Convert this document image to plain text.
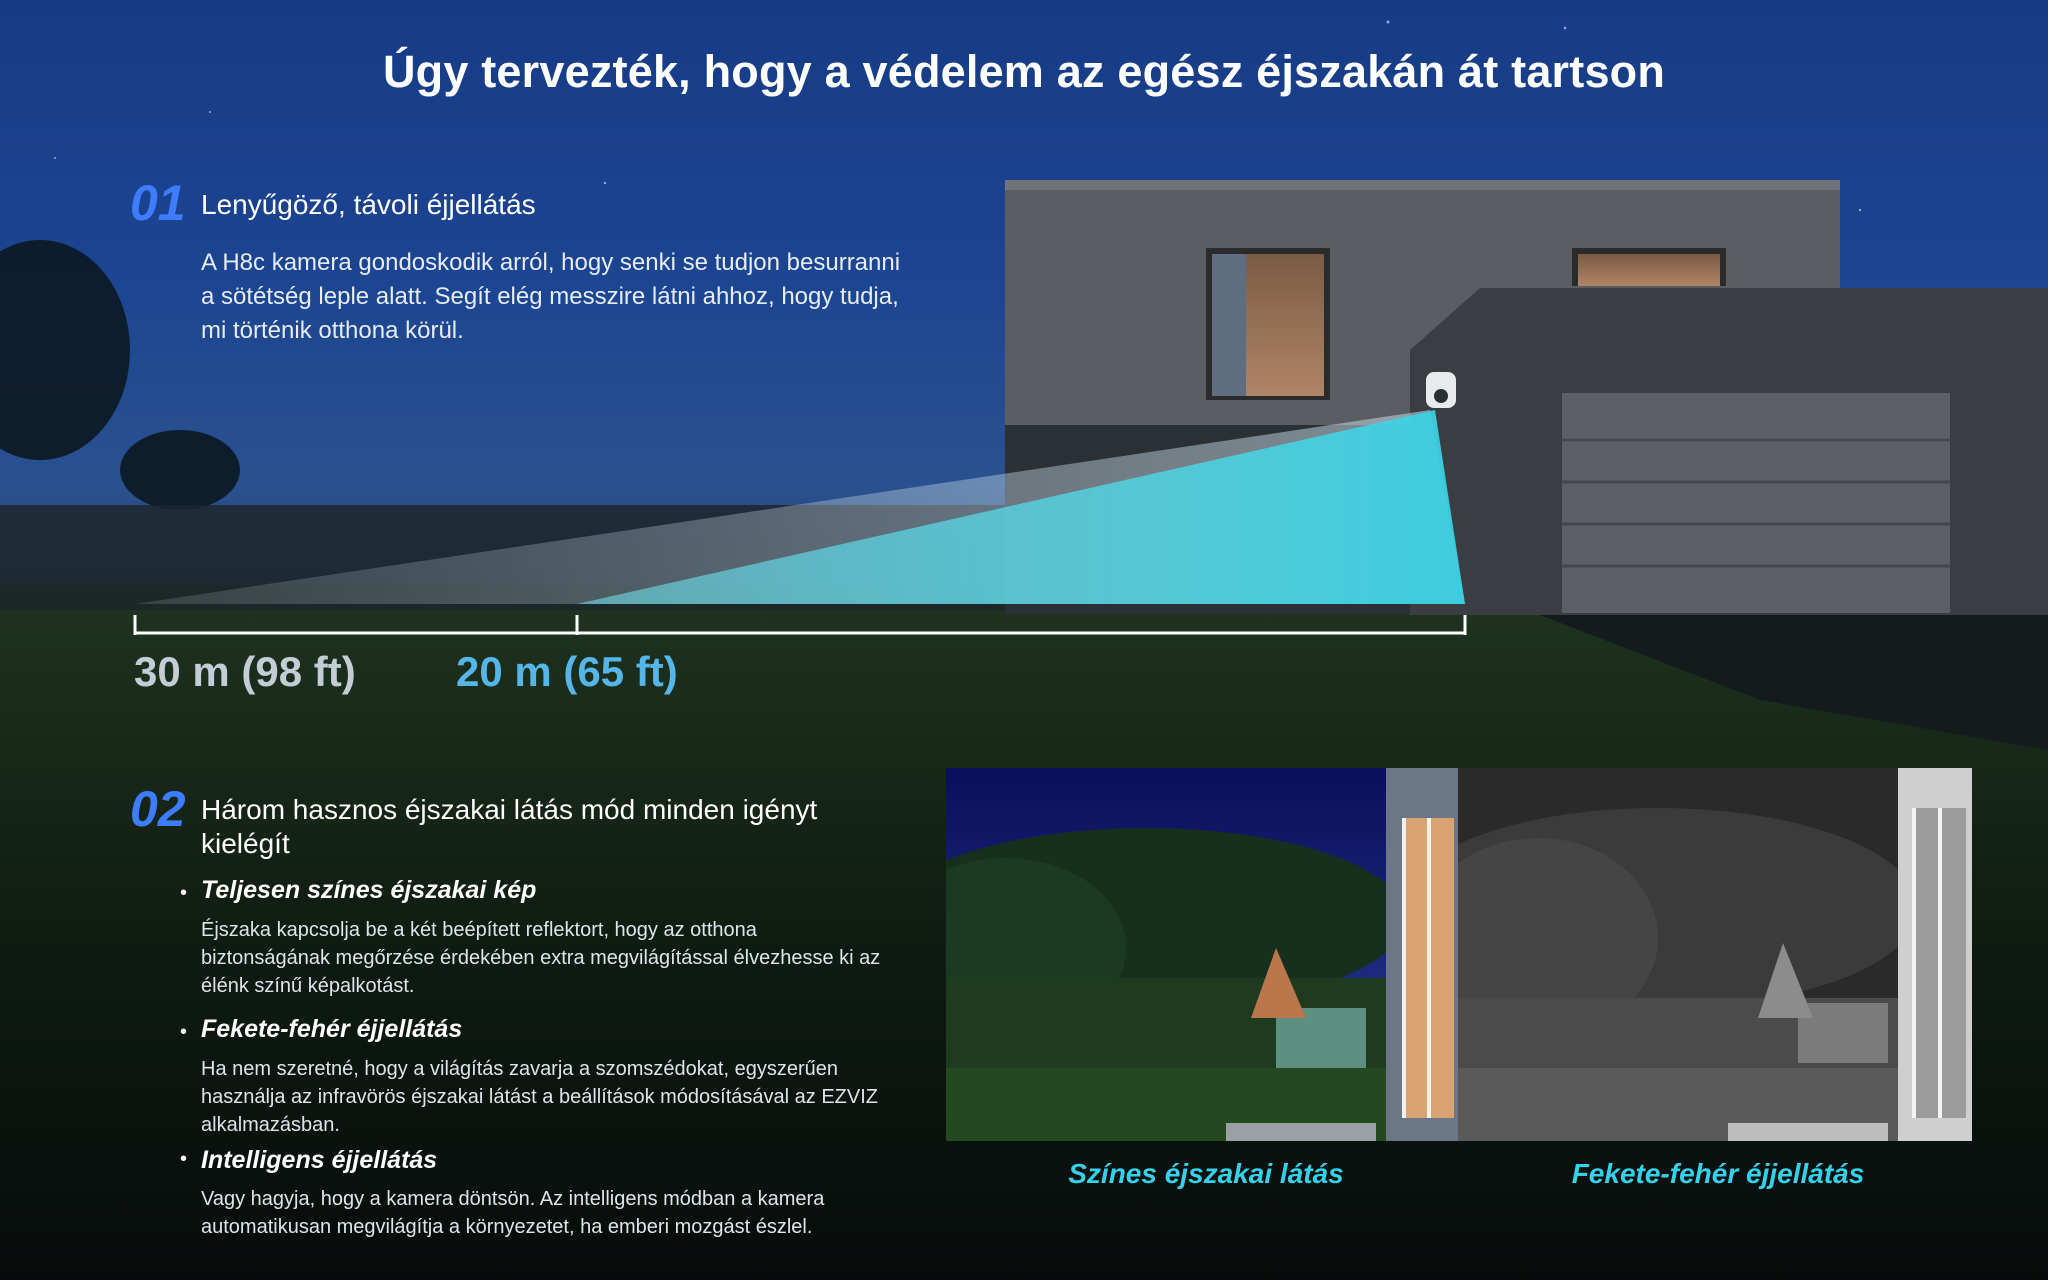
Úgy tervezték, hogy a védelem az egész éjszakán át tartson
01 Lenyűgöző, távoli éjjellátás
A H8c kamera gondoskodik arról, hogy senki se tudjon besurranni a sötétség leple alatt. Segít elég messzire látni ahhoz, hogy tudja, mi történik otthona körül.
30 m (98 ft) 20 m (65 ft)
02 Három hasznos éjszakai látás mód minden igényt kielégít
• Teljesen színes éjszakai kép
Éjszaka kapcsolja be a két beépített reflektort, hogy az otthona biztonságának megőrzése érdekében extra megvilágítással élvezhesse ki az élénk színű képalkotást.
• Fekete-fehér éjjellátás
Ha nem szeretné, hogy a világítás zavarja a szomszédokat, egyszerűen használja az infravörös éjszakai látást a beállítások módosításával az EZVIZ alkalmazásban.
• Intelligens éjjellátás
Vagy hagyja, hogy a kamera döntsön. Az intelligens módban a kamera automatikusan megvilágítja a környezetet, ha emberi mozgást észlel.
Színes éjszakai látás	Fekete-fehér éjjellátás
